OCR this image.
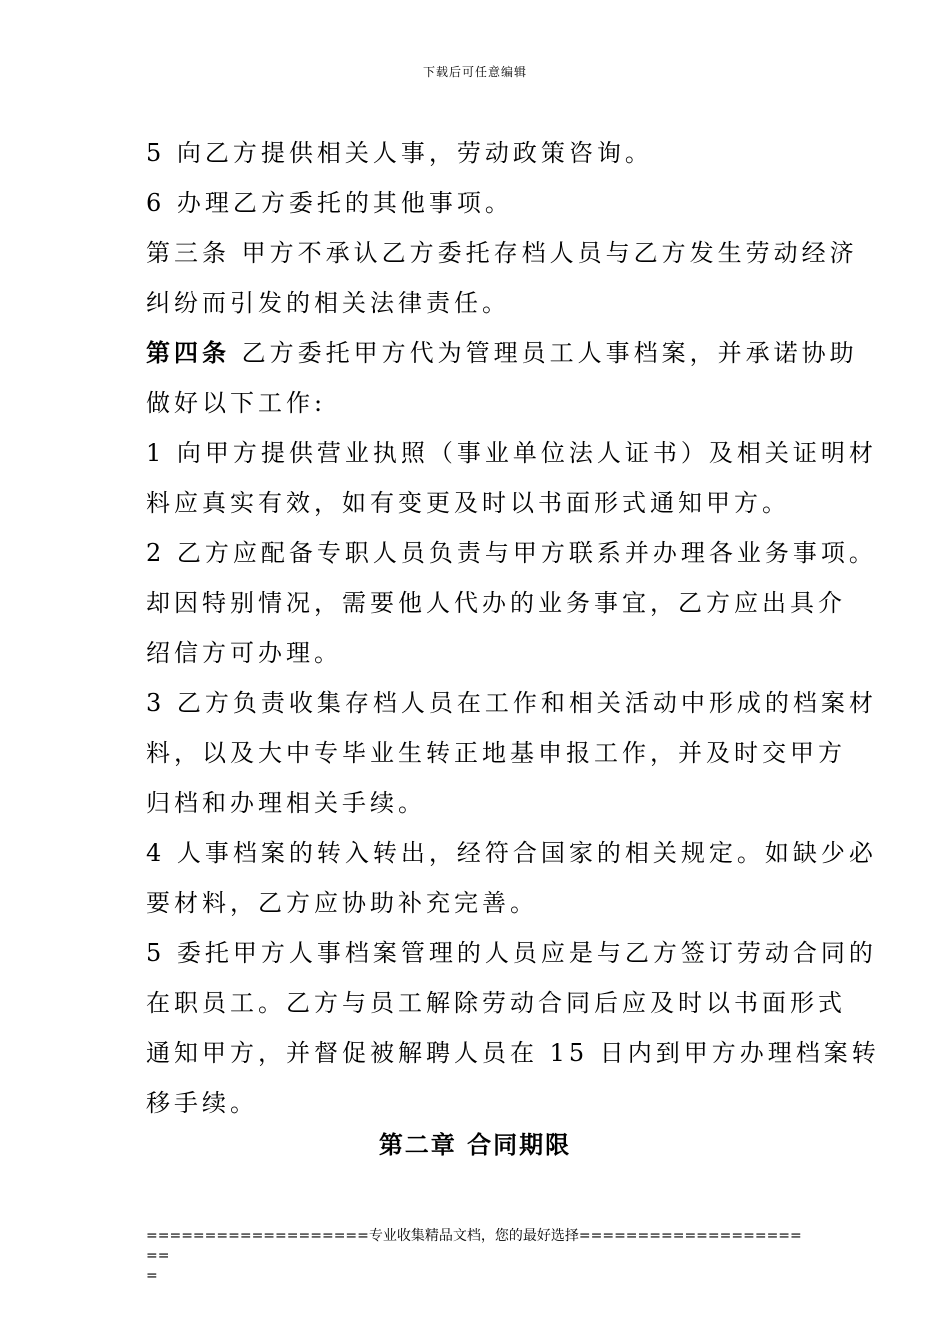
下载后可任意编辑
5 向乙方提供相关人事，劳动政策咨询。
6 办理乙方委托的其他事项。
第三条 甲方不承认乙方委托存档人员与乙方发生劳动经济
纠纷而引发的相关法律责任。
第四条 乙方委托甲方代为管理员工人事档案，并承诺协助
做好以下工作:
1 向甲方提供营业执照（事业单位法人证书）及相关证明材
料应真实有效，如有变更及时以书面形式通知甲方。
2 乙方应配备专职人员负责与甲方联系并办理各业务事项。
却因特别情况，需要他人代办的业务事宜，乙方应出具介
绍信方可办理。
3 乙方负责收集存档人员在工作和相关活动中形成的档案材
料，以及大中专毕业生转正地基申报工作，并及时交甲方
归档和办理相关手续。
4 人事档案的转入转出，经符合国家的相关规定。如缺少必
要材料，乙方应协助补充完善。
5 委托甲方人事档案管理的人员应是与乙方签订劳动合同的
在职员工。乙方与员工解除劳动合同后应及时以书面形式
通知甲方，并督促被解聘人员在 15 日内到甲方办理档案转
移手续。
第二章 合同期限
===================专业收集精品文档，您的最好选择=====================
=
